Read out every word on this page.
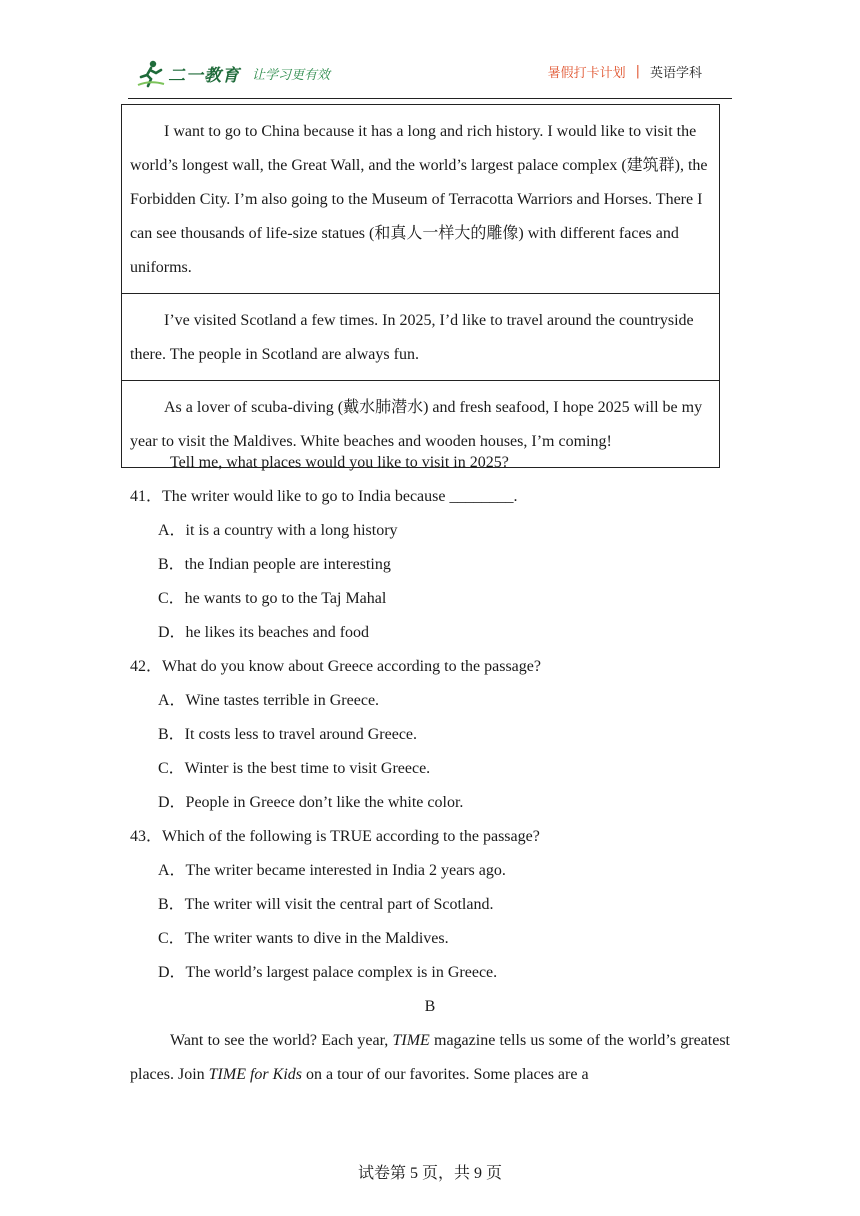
二一教育 让学习更有效	暑假打卡计划 | 英语学科

I want to go to China because it has a long and rich history. I would like to visit the world’s longest wall, the Great Wall, and the world’s largest palace complex (建筑群), the Forbidden City. I’m also going to the Museum of Terracotta Warriors and Horses. There I can see thousands of life-size statues (和真人一样大的雕像) with different faces and uniforms.

I’ve visited Scotland a few times. In 2025, I’d like to travel around the countryside there. The people in Scotland are always fun.

As a lover of scuba-diving (戴水肺潜水) and fresh seafood, I hope 2025 will be my year to visit the Maldives. White beaches and wooden houses, I’m coming!

Tell me, what places would you like to visit in 2025?

41．The writer would like to go to India because ________.

A．it is a country with a long history

B．the Indian people are interesting

C．he wants to go to the Taj Mahal

D．he likes its beaches and food

42．What do you know about Greece according to the passage?

A．Wine tastes terrible in Greece.

B．It costs less to travel around Greece.

C．Winter is the best time to visit Greece.

D．People in Greece don’t like the white color.

43．Which of the following is TRUE according to the passage?

A．The writer became interested in India 2 years ago.

B．The writer will visit the central part of Scotland.

C．The writer wants to dive in the Maldives.

D．The world’s largest palace complex is in Greece.

B

Want to see the world? Each year, TIME magazine tells us some of the world’s greatest places. Join TIME for Kids on a tour of our favorites. Some places are a

试卷第 5 页，共 9 页
